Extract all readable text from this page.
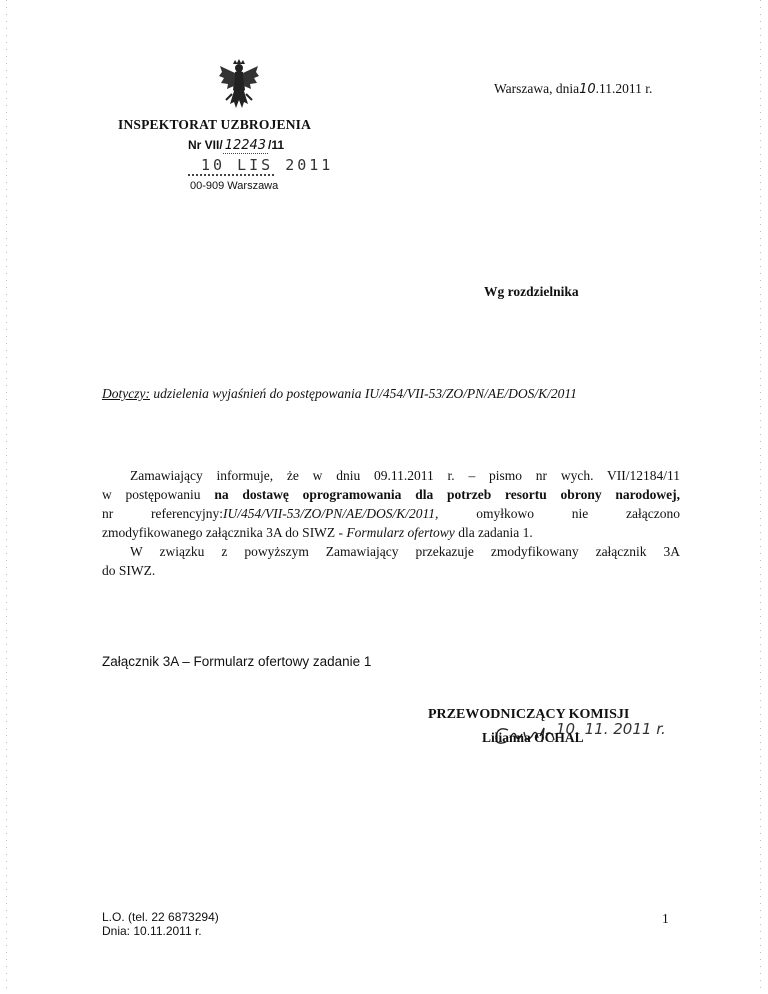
Warszawa, dnia10.11.2011 r.
INSPEKTORAT UZBROJENIA
Nr VII/ 12243 /11
10 LIS 2011
00-909 Warszawa
Wg rozdzielnika
Dotyczy: udzielenia wyjaśnień do postępowania IU/454/VII-53/ZO/PN/AE/DOS/K/2011

Zamawiający informuje, że w dniu 09.11.2011 r. – pismo nr wych. VII/12184/11

w postępowaniu na dostawę oprogramowania dla potrzeb resortu obrony narodowej,

nr referencyjny:IU/454/VII-53/ZO/PN/AE/DOS/K/2011, omyłkowo nie załączono

zmodyfikowanego załącznika 3A do SIWZ - Formularz ofertowy dla zadania 1.

W związku z powyższym Zamawiający przekazuje zmodyfikowany załącznik 3A

do SIWZ.

Załącznik 3A – Formularz ofertowy zadanie 1
PRZEWODNICZĄCY KOMISJI
10. 11. 2011 r.
Lilianna OCHAL
L.O. (tel. 22 6873294)
Dnia: 10.11.2011 r.
1
